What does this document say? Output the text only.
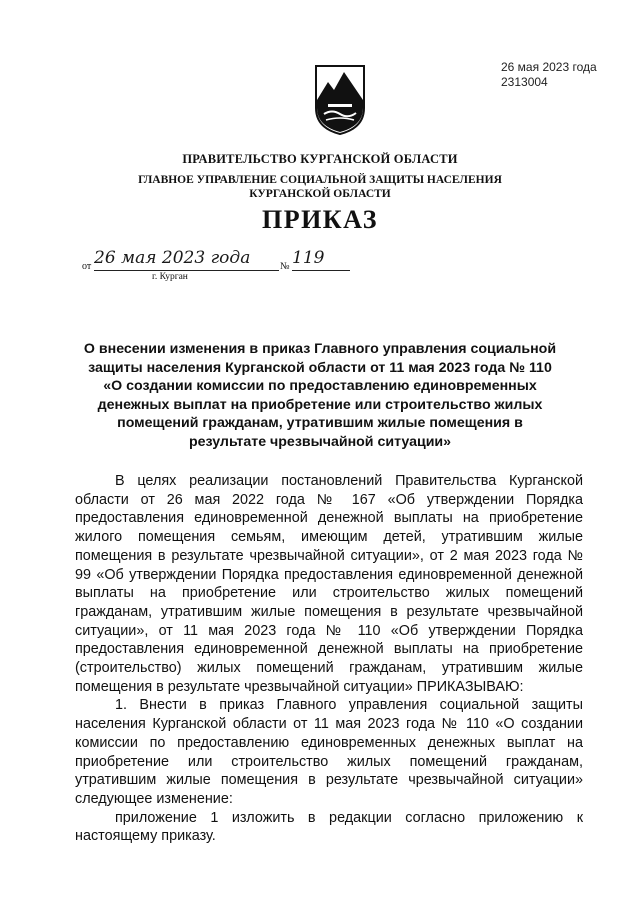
26 мая 2023 года
2313004
ПРАВИТЕЛЬСТВО КУРГАНСКОЙ ОБЛАСТИ
ГЛАВНОЕ УПРАВЛЕНИЕ СОЦИАЛЬНОЙ ЗАЩИТЫ НАСЕЛЕНИЯ
КУРГАНСКОЙ ОБЛАСТИ
ПРИКАЗ
от 26 мая 2023 года	№ 119
г. Курган
О внесении изменения в приказ Главного управления социальной защиты населения Курганской области от 11 мая 2023 года № 110 «О создании комиссии по предоставлению единовременных денежных выплат на приобретение или строительство жилых помещений гражданам, утратившим жилые помещения в результате чрезвычайной ситуации»

В целях реализации постановлений Правительства Курганской области от 26 мая 2022 года № 167 «Об утверждении Порядка предоставления единовременной денежной выплаты на приобретение жилого помещения семьям, имеющим детей, утратившим жилые помещения в результате чрезвычайной ситуации», от 2 мая 2023 года № 99 «Об утверждении Порядка предоставления единовременной денежной выплаты на приобретение или строительство жилых помещений гражданам, утратившим жилые помещения в результате чрезвычайной ситуации», от 11 мая 2023 года № 110 «Об утверждении Порядка предоставления единовременной денежной выплаты на приобретение (строительство) жилых помещений гражданам, утратившим жилые помещения в результате чрезвычайной ситуации» ПРИКАЗЫВАЮ:

1. Внести в приказ Главного управления социальной защиты населения Курганской области от 11 мая 2023 года № 110 «О создании комиссии по предоставлению единовременных денежных выплат на приобретение или строительство жилых помещений гражданам, утратившим жилые помещения в результате чрезвычайной ситуации» следующее изменение:

приложение 1 изложить в редакции согласно приложению к настоящему приказу.
